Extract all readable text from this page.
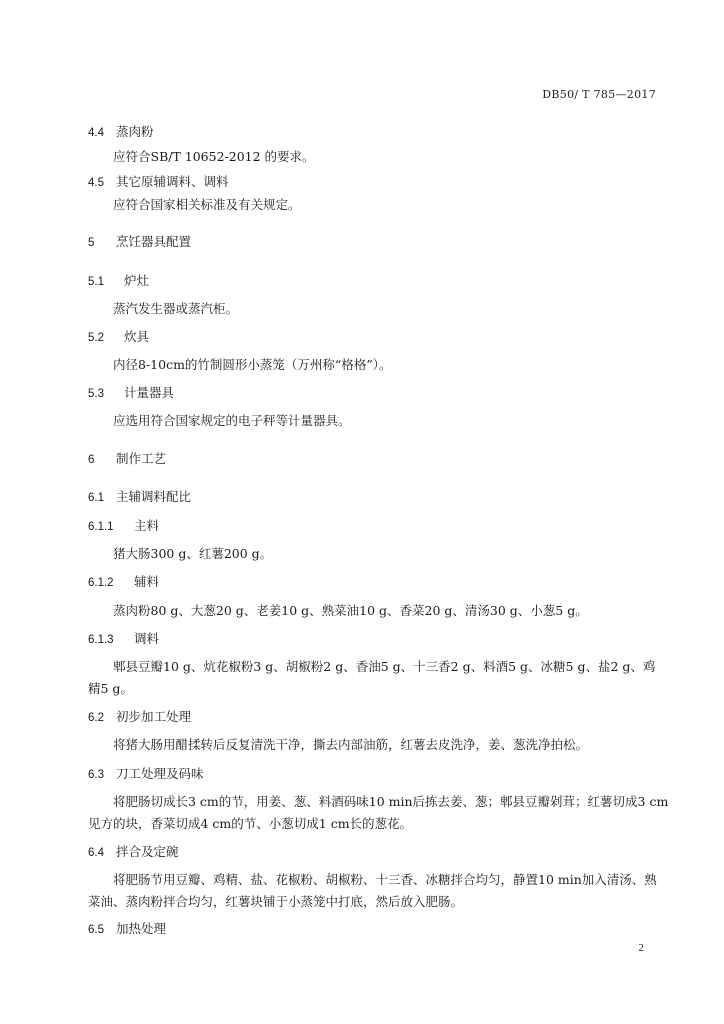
DB50/ T 785—2017
4.4 蒸肉粉
应符合SB/T 10652-2012 的要求。
4.5 其它原辅调料、调料
应符合国家相关标准及有关规定。
5 烹饪器具配置
5.1 炉灶
蒸汽发生器或蒸汽柜。
5.2 炊具
内径8-10cm的竹制圆形小蒸笼（万州称“格格”）。
5.3 计量器具
应选用符合国家规定的电子秤等计量器具。
6 制作工艺
6.1 主辅调料配比
6.1.1 主料
猪大肠300 g、红薯200 g。
6.1.2 辅料
蒸肉粉80 g、大葱20 g、老姜10 g、熟菜油10 g、香菜20 g、清汤30 g、小葱5 g。
6.1.3 调料
郫县豆瓣10 g、炕花椒粉3 g、胡椒粉2 g、香油5 g、十三香2 g、料酒5 g、冰糖5 g、盐2 g、鸡
精5 g。
6.2 初步加工处理
将猪大肠用醋揉转后反复清洗干净，撕去内部油筋，红薯去皮洗净，姜、葱洗净拍松。
6.3 刀工处理及码味
将肥肠切成长3 cm的节，用姜、葱、料酒码味10 min后拣去姜、葱；郫县豆瓣剁茸；红薯切成3 cm
见方的块，香菜切成4 cm的节、小葱切成1 cm长的葱花。
6.4 拌合及定碗
将肥肠节用豆瓣、鸡精、盐、花椒粉、胡椒粉、十三香、冰糖拌合均匀，静置10 min加入清汤、熟
菜油、蒸肉粉拌合均匀，红薯块铺于小蒸笼中打底，然后放入肥肠。
6.5 加热处理
2
